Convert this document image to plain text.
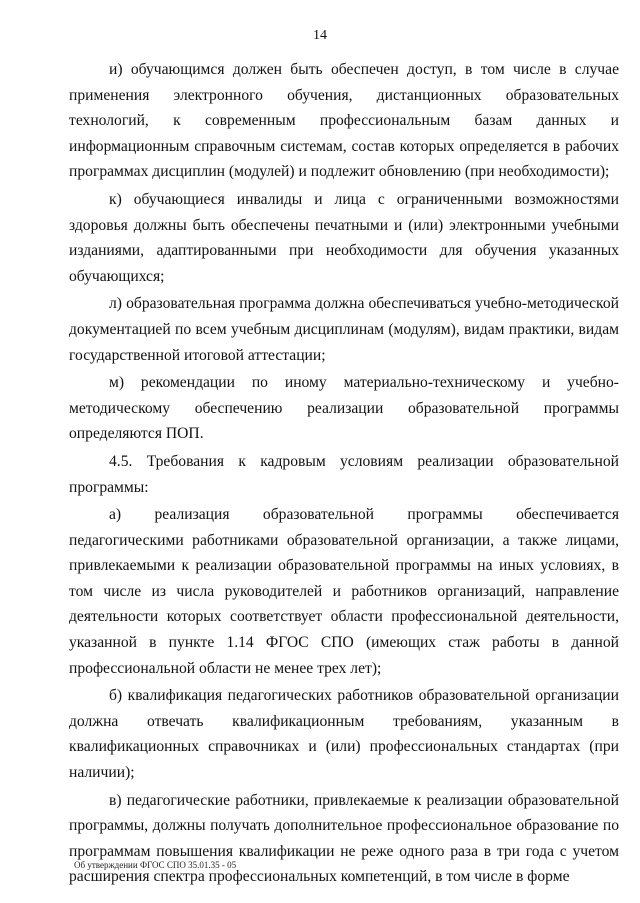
14

и) обучающимся должен быть обеспечен доступ, в том числе в случае применения электронного обучения, дистанционных образовательных технологий, к современным профессиональным базам данных и информационным справочным системам, состав которых определяется в рабочих программах дисциплин (модулей) и подлежит обновлению (при необходимости);

к) обучающиеся инвалиды и лица с ограниченными возможностями здоровья должны быть обеспечены печатными и (или) электронными учебными изданиями, адаптированными при необходимости для обучения указанных обучающихся;

л) образовательная программа должна обеспечиваться учебно-методической документацией по всем учебным дисциплинам (модулям), видам практики, видам государственной итоговой аттестации;

м) рекомендации по иному материально-техническому и учебно-методическому обеспечению реализации образовательной программы определяются ПОП.

4.5. Требования к кадровым условиям реализации образовательной программы:

а) реализация образовательной программы обеспечивается педагогическими работниками образовательной организации, а также лицами, привлекаемыми к реализации образовательной программы на иных условиях, в том числе из числа руководителей и работников организаций, направление деятельности которых соответствует области профессиональной деятельности, указанной в пункте 1.14 ФГОС СПО (имеющих стаж работы в данной профессиональной области не менее трех лет);

б) квалификация педагогических работников образовательной организации должна отвечать квалификационным требованиям, указанным в квалификационных справочниках и (или) профессиональных стандартах (при наличии);

в) педагогические работники, привлекаемые к реализации образовательной программы, должны получать дополнительное профессиональное образование по программам повышения квалификации не реже одного раза в три года с учетом расширения спектра профессиональных компетенций, в том числе в форме

Об утверждении ФГОС СПО 35.01.35 - 05
